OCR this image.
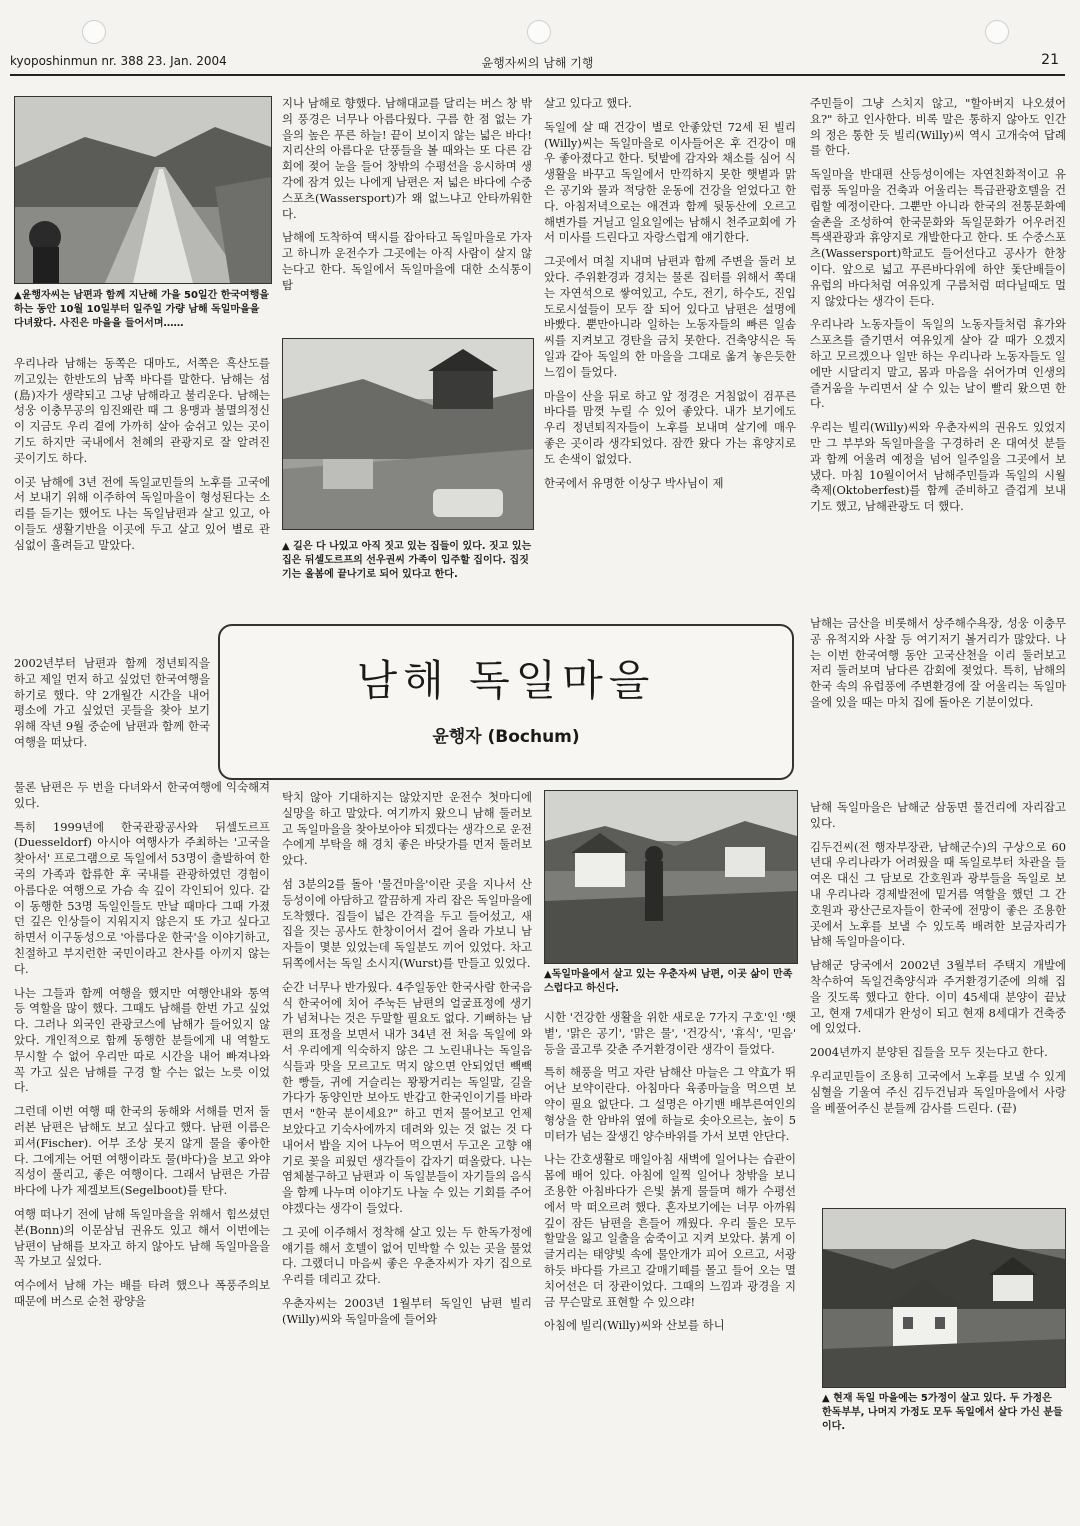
kyoposhinmun nr. 388 23. Jan. 2004	윤행자씨의 남해 기행	21
▲윤행자씨는 남편과 함께 지난해 가을 50일간 한국여행을 하는 동안 10월 10일부터 일주일 가량 남해 독일마을을 다녀왔다. 사진은 마을을 들어서며……

우리나라 남해는 동쪽은 대마도, 서쪽은 흑산도를 끼고있는 한반도의 남쪽 바다를 말한다. 남해는 섬(島)자가 생략되고 그냥 남해라고 불리운다. 남해는 성웅 이충무공의 임진왜란 때 그 용맹과 불멸의정신이 지금도 우리 곁에 가까히 살아 숨쉬고 있는 곳이기도 하지만 국내에서 천혜의 관광지로 잘 알려진 곳이기도 하다.

이곳 남해에 3년 전에 독일교민들의 노후를 고국에서 보내기 위해 이주하여 독일마을이 형성된다는 소리를 듣기는 했어도 나는 독일남편과 살고 있고, 아이들도 생활기반을 이곳에 두고 살고 있어 별로 관심없이 흘려듣고 말았다.

2002년부터 남편과 함께 정년퇴직을 하고 제일 먼저 하고 싶었던 한국여행을 하기로 했다. 약 2개월간 시간을 내어 평소에 가고 싶었던 곳들을 찾아 보기 위해 작년 9월 중순에 남편과 함께 한국여행을 떠났다.

물론 남편은 두 번을 다녀와서 한국여행에 익숙해져 있다.

특히 1999년에 한국관광공사와 뒤셀도르프(Duesseldorf) 아시아 여행사가 주최하는 '고국을 찾아서' 프로그램으로 독일에서 53명이 출발하여 한국의 가족과 합류한 후 국내를 관광하였던 경험이 아름다운 여행으로 가슴 속 깊이 각인되어 있다. 같이 동행한 53명 독일인들도 만날 때마다 그때 가졌던 깊은 인상들이 지워지지 않은지 또 가고 싶다고 하면서 이구동성으로 '아름다운 한국'을 이야기하고, 친절하고 부지런한 국민이라고 찬사를 아끼지 않는다.

나는 그들과 함께 여행을 했지만 여행안내와 통역 등 역할을 많이 했다. 그때도 남해를 한번 가고 싶었다. 그러나 외국인 관광코스에 남해가 들어있지 않았다. 개인적으로 함께 동행한 분들에게 내 역할도 무시할 수 없어 우리만 따로 시간을 내어 빠져나와 꼭 가고 싶은 남해를 구경 할 수는 없는 노릇 이었다.

그런데 이번 여행 때 한국의 동해와 서해를 먼저 둘러본 남편은 남해도 보고 싶다고 했다. 남편 이름은 피셔(Fischer). 어부 조상 못지 않게 물을 좋아한다. 그에게는 어떤 여행이라도 물(바다)을 보고 와야 직성이 풀리고, 좋은 여행이다. 그래서 남편은 가끔 바다에 나가 제겔보트(Segelboot)를 탄다.

여행 떠나기 전에 남해 독일마을을 위해서 힘쓰셨던 본(Bonn)의 이문삼님 권유도 있고 해서 이번에는 남편이 남해를 보자고 하지 않아도 남해 독일마을을 꼭 가보고 싶었다.

여수에서 남해 가는 배를 타려 했으나 폭풍주의보 때문에 버스로 순천 광양을

지나 남해로 향했다. 남해대교를 달리는 버스 창 밖의 풍경은 너무나 아름다웠다. 구름 한 점 없는 가을의 높은 푸른 하늘! 끝이 보이지 않는 넓은 바다! 지리산의 아름다운 단풍들을 볼 때와는 또 다른 감회에 젖어 눈을 들어 창밖의 수평선을 응시하며 생각에 잠겨 있는 나에게 남편은 저 넓은 바다에 수중스포츠(Wassersport)가 왜 없느냐고 안타까워한다.

남해에 도착하여 택시를 잡아타고 독일마을로 가자고 하니까 운전수가 그곳에는 아직 사람이 살지 않는다고 한다. 독일에서 독일마을에 대한 소식통이 탐

▲ 길은 다 나있고 아직 짓고 있는 집들이 있다. 짓고 있는 집은 뒤셀도르프의 선우권씨 가족이 입주할 집이다. 집짓기는 올봄에 끝나기로 되어 있다고 한다.

살고 있다고 했다.

독일에 살 때 건강이 별로 안좋았던 72세 된 빌리(Willy)씨는 독일마을로 이사들어온 후 건강이 매우 좋아졌다고 한다. 텃밭에 감자와 채소를 심어 식생활을 바꾸고 독일에서 만끽하지 못한 햇볕과 맑은 공기와 물과 적당한 운동에 건강을 얻었다고 한다. 아침저녁으로는 애견과 함께 뒷동산에 오르고 해변가를 거닐고 일요일에는 남해시 천주교회에 가서 미사를 드린다고 자랑스럽게 얘기한다.

그곳에서 며칠 지내며 남편과 함께 주변을 둘러 보았다. 주위환경과 경치는 물론 집터를 위해서 쪽대는 자연석으로 쌓여있고, 수도, 전기, 하수도, 진입도로시설들이 모두 잘 되어 있다고 남편은 설명에 바빴다. 뿐만아니라 일하는 노동자들의 빠른 일솜씨를 지켜보고 경탄을 금치 못한다. 건축양식은 독일과 같아 독일의 한 마을을 그대로 옮겨 놓은듯한 느낌이 들었다.

마을이 산을 뒤로 하고 앞 정경은 거침없이 검푸른 바다를 맘껏 누릴 수 있어 좋았다. 내가 보기에도 우리 정년퇴직자들이 노후를 보내며 살기에 매우 좋은 곳이라 생각되었다. 잠깐 왔다 가는 휴양지로도 손색이 없었다.

한국에서 유명한 이상구 박사님이 제

주민들이 그냥 스치지 않고, "할아버지 나오셨어요?" 하고 인사한다. 비록 말은 통하지 않아도 인간의 정은 통한 듯 빌리(Willy)씨 역시 고개숙여 답례를 한다.

독일마을 반대편 산등성이에는 자연친화적이고 유럽풍 독일마을 건축과 어울리는 특급관광호텔을 건립할 예정이란다. 그뿐만 아니라 한국의 전통문화예술촌을 조성하여 한국문화와 독일문화가 어우러진 특색관광과 휴양지로 개발한다고 한다. 또 수중스포츠(Wassersport)학교도 들어선다고 공사가 한창이다. 앞으로 넓고 푸른바다위에 하얀 돛단배들이 유럽의 바다처럼 여유있게 구름처럼 떠다닐때도 멀지 않았다는 생각이 든다.

우리나라 노동자들이 독일의 노동자들처럼 휴가와 스포츠를 즐기면서 여유있게 살아 갈 때가 오겠지 하고 모르겠으나 일만 하는 우리나라 노동자들도 일에만 시달리지 말고, 몸과 마음을 쉬어가며 인생의 즐거움을 누리면서 살 수 있는 날이 빨리 왔으면 한다.

우리는 빌리(Willy)씨와 우춘자씨의 권유도 있었지만 그 부부와 독일마을을 구경하러 온 대여섯 분들과 함께 어울려 예정을 넘어 일주일을 그곳에서 보냈다. 마침 10월이어서 남해주민들과 독일의 시월축제(Oktoberfest)를 함께 준비하고 즐겁게 보내기도 했고, 남해관광도 더 했다.

남해는 금산을 비롯해서 상주해수욕장, 성웅 이충무공 유적지와 사찰 등 여기저기 볼거리가 많았다. 나는 이번 한국여행 동안 고국산천을 이리 둘러보고 저리 둘러보며 남다른 감회에 젖었다. 특히, 남해의 한국 속의 유럽풍에 주변환경에 잘 어울리는 독일마을에 있을 때는 마치 집에 돌아온 기분이었다.

남해 독일마을
윤행자 (Bochum)

탁치 않아 기대하지는 않았지만 운전수 첫마디에 실망을 하고 말았다. 여기까지 왔으니 남해 둘러보고 독일마을을 찾아보아야 되겠다는 생각으로 운전수에게 부탁을 해 경치 좋은 바닷가를 먼저 둘러보았다.

섬 3분의2를 돌아 '물건마을'이란 곳을 지나서 산등성이에 아담하고 깔끔하게 자리 잡은 독일마을에 도착했다. 집들이 넓은 간격을 두고 들어섰고, 새 집을 짓는 공사도 한창이어서 걸어 올라 가보니 남자들이 몇분 있었는데 독일분도 끼어 있었다. 차고 뒤쪽에서는 독일 소시지(Wurst)를 만들고 있었다.

순간 너무나 반가웠다. 4주일동안 한국사람 한국음식 한국어에 치어 주눅든 남편의 얼굴표정에 생기가 넘쳐나는 것은 두말할 필요도 없다. 기뻐하는 남편의 표정을 보면서 내가 34년 전 처음 독일에 와서 우리에게 익숙하지 않은 그 노린내나는 독일음식들과 맛을 모르고도 먹지 않으면 안되었던 빽빽한 빵들, 귀에 거슬리는 꽝꽝거리는 독일말, 길을 가다가 동양인만 보아도 반갑고 한국인이기를 바라면서 "한국 분이세요?" 하고 먼저 물어보고 언제 보았다고 기숙사에까지 데려와 있는 것 없는 것 다 내어서 밥을 지어 나누어 먹으면서 두고온 고향 얘기로 꽃을 피웠던 생각들이 갑자기 떠올랐다. 나는 염체불구하고 남편과 이 독일분들이 자기들의 음식을 함께 나누며 이야기도 나눌 수 있는 기회를 주어야겠다는 생각이 들었다.

그 곳에 이주해서 정착해 살고 있는 두 한독가정에 얘기를 해서 호텔이 없어 민박할 수 있는 곳을 물었다. 그랬더니 마음씨 좋은 우춘자씨가 자기 집으로 우리를 데리고 갔다.

우춘자씨는 2003년 1월부터 독일인 남편 빌리(Willy)씨와 독일마을에 들어와

▲독일마을에서 살고 있는 우춘자씨 남편, 이곳 삶이 만족스럽다고 하신다.

시한 '건강한 생활을 위한 새로운 7가지 구호'인 '햇볕', '맑은 공기', '맑은 물', '건강식', '휴식', '믿음' 등을 골고루 갖춘 주거환경이란 생각이 들었다.

특히 해풍을 먹고 자란 남해산 마늘은 그 약효가 뛰어난 보약이란다. 아침마다 육종마늘을 먹으면 보약이 필요 없단다. 그 설명은 아기밴 배부른여인의 형상을 한 암바위 옆에 하늘로 솟아오르는, 높이 5미터가 넘는 잘생긴 양수바위를 가서 보면 안단다.

나는 간호생활로 매일아침 새벽에 일어나는 습관이 몸에 배어 있다. 아침에 일찍 일어나 창밖을 보니 조용한 아침바다가 은빛 붉게 물들며 해가 수평선에서 막 떠오르려 했다. 혼자보기에는 너무 아까워 깊이 잠든 남편을 흔들어 깨웠다. 우리 둘은 모두 할말을 잃고 일출을 숨죽이고 지켜 보았다. 붉게 이글거리는 태양빛 속에 물안개가 피어 오르고, 서광하듯 바다를 가르고 갈매기떼를 몰고 들어 오는 멸치어선은 더 장관이었다. 그때의 느낌과 광경을 지금 무슨말로 표현할 수 있으랴!

아침에 빌리(Willy)씨와 산보를 하니

남해 독일마을은 남해군 삼동면 물건리에 자리잡고 있다.

김두건씨(전 행자부장관, 남해군수)의 구상으로 60년대 우리나라가 어려웠을 때 독일로부터 차관을 들여온 대신 그 담보로 간호원과 광부들을 독일로 보내 우리나라 경제발전에 밑거름 역할을 했던 그 간호원과 광산근로자들이 한국에 전망이 좋은 조용한 곳에서 노후를 보낼 수 있도록 배려한 보금자리가 남해 독일마을이다.

남해군 당국에서 2002년 3월부터 주택지 개발에 착수하여 독일건축양식과 주거환경기준에 의해 집을 짓도록 했다고 한다. 이미 45세대 분양이 끝났고, 현재 7세대가 완성이 되고 현재 8세대가 건축중에 있었다.

2004년까지 분양된 집들을 모두 짓는다고 한다.

우리교민들이 조용히 고국에서 노후를 보낼 수 있게 심혈을 기울여 주신 김두건님과 독일마을에서 사랑을 베풀어주신 분들께 감사를 드린다. (끝)

▲ 현재 독일 마을에는 5가정이 살고 있다. 두 가정은 한독부부, 나머지 가정도 모두 독일에서 살다 가신 분들이다.
